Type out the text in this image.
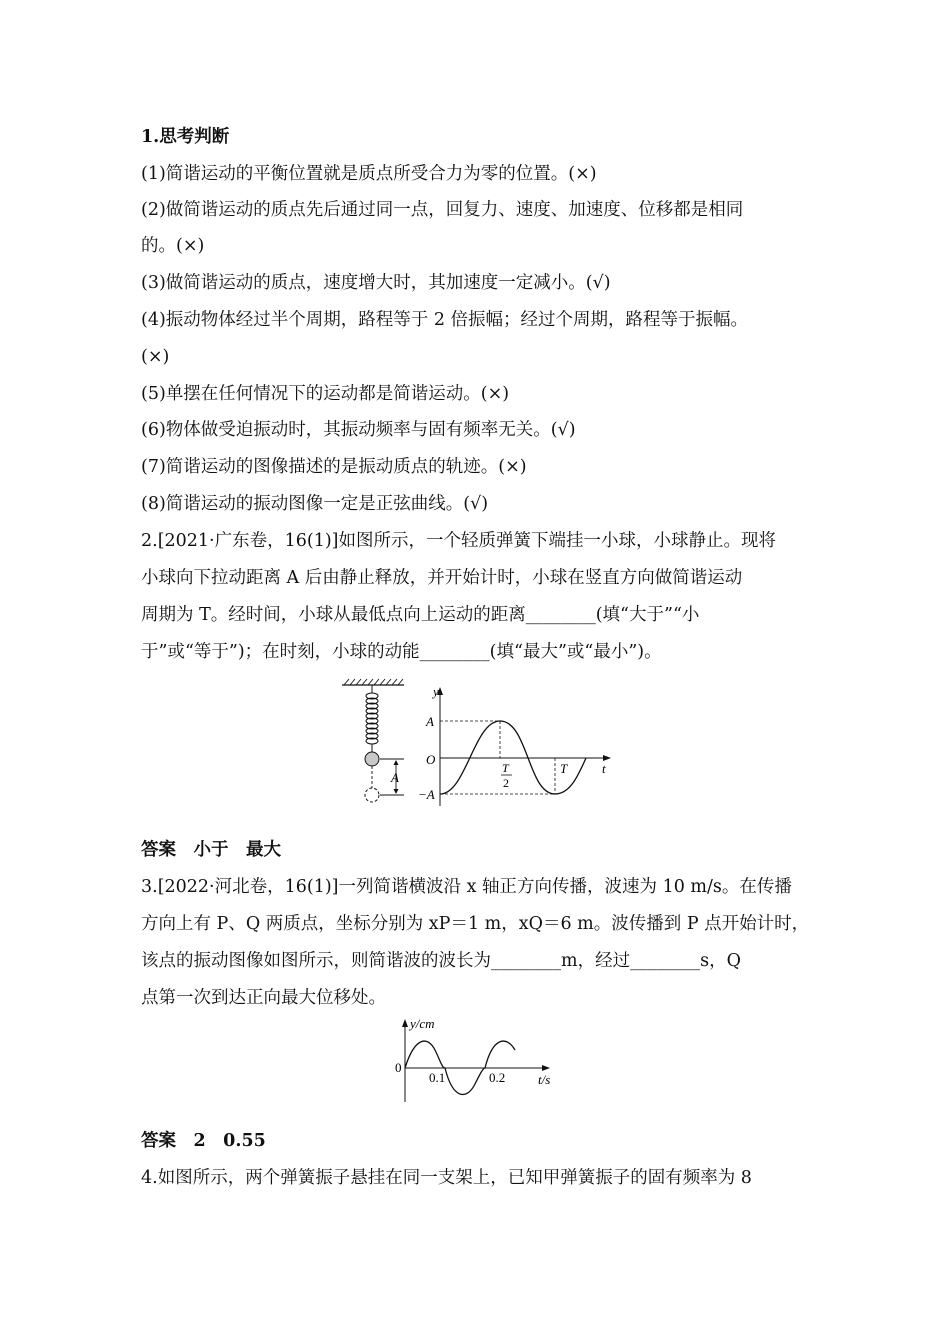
1.思考判断
(1)简谐运动的平衡位置就是质点所受合力为零的位置。(×)
(2)做简谐运动的质点先后通过同一点，回复力、速度、加速度、位移都是相同
的。(×)
(3)做简谐运动的质点，速度增大时，其加速度一定减小。(√)
(4)振动物体经过半个周期，路程等于 2 倍振幅；经过个周期，路程等于振幅。
(×)
(5)单摆在任何情况下的运动都是简谐运动。(×)
(6)物体做受迫振动时，其振动频率与固有频率无关。(√)
(7)简谐运动的图像描述的是振动质点的轨迹。(×)
(8)简谐运动的振动图像一定是正弦曲线。(√)
2.[2021·广东卷，16(1)]如图所示，一个轻质弹簧下端挂一小球，小球静止。现将
小球向下拉动距离 A 后由静止释放，并开始计时，小球在竖直方向做简谐运动
周期为 T。经时间，小球从最低点向上运动的距离________(填“大于”“小
于”或“等于”)；在时刻，小球的动能________(填“最大”或“最小”)。
A
y
t
A
O
−A
T
2
T
答案　小于　最大
3.[2022·河北卷，16(1)]一列简谐横波沿 x 轴正方向传播，波速为 10 m/s。在传播
方向上有 P、Q 两质点，坐标分别为 xP＝1 m，xQ＝6 m。波传播到 P 点开始计时，
该点的振动图像如图所示，则简谐波的波长为________m，经过________s，Q
点第一次到达正向最大位移处。
y/cm
t/s
0
0.1	0.2
答案　2　0.55
4.如图所示，两个弹簧振子悬挂在同一支架上，已知甲弹簧振子的固有频率为 8
